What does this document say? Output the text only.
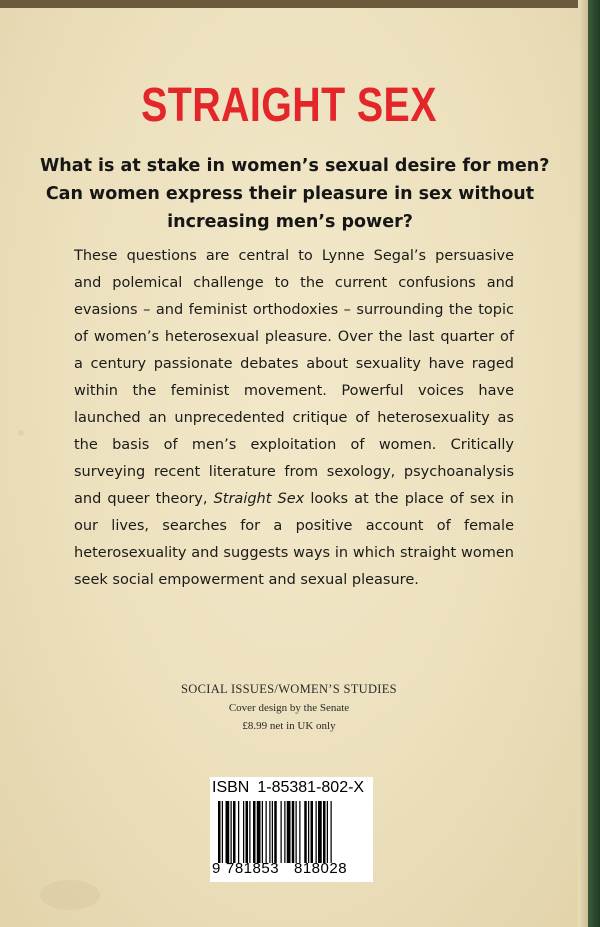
STRAIGHT SEX
What is at stake in women’s sexual desire for men?
Can women express their pleasure in sex without
increasing men’s power?
These questions are central to Lynne Segal’s persuasive and polemical challenge to the current confusions and evasions – and feminist orthodoxies – surrounding the topic of women’s heterosexual pleasure. Over the last quarter of a century passionate debates about sexuality have raged within the feminist movement. Powerful voices have launched an unprecedented critique of heterosexuality as the basis of men’s exploitation of women. Critically surveying recent literature from sexology, psychoanalysis and queer theory, Straight Sex looks at the place of sex in our lives, searches for a positive account of female heterosexuality and suggests ways in which straight women seek social empowerment and sexual pleasure.
SOCIAL ISSUES/WOMEN’S STUDIES
Cover design by the Senate
£8.99 net in UK only
ISBN 1-85381-802-X
9 781853 818028
